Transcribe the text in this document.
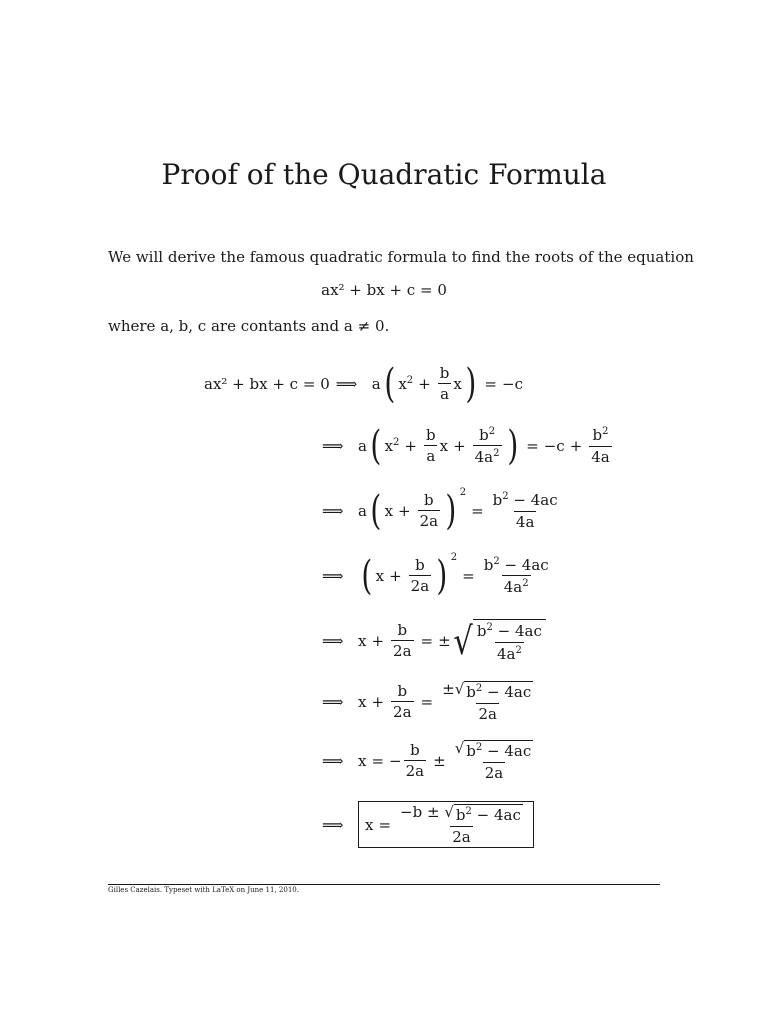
Proof of the Quadratic Formula
We will derive the famous quadratic formula to find the roots of the equation
ax² + bx + c = 0
where a, b, c are contants and a ≠ 0.
ax² + bx + c = 0 ⟹ a ( $x^2 + \frac{b}{a}$ x ) = −c
⟹ a ( $x^2 + \frac{b}{a}$ $x + \frac{b^2}{4a^2}$ ) = $-c + \frac{b^2}{4a}$
⟹ a ( $x + \frac{b}{2a}$ ) 2
= $\frac{b^2 - 4ac}{4a}$
⟹ ( $x + \frac{b}{2a}$ ) 2
= $\frac{b^2 - 4ac}{4a^2}$
⟹ $x + \frac{b}{2a}$ = ± √ $\frac{b^2 - 4ac}{4a^2}$
⟹ $x + \frac{b}{2a} = \frac{\pm√ b^2 - 4ac}{2a}$
⟹ x = − $\frac{b}{2a} \pm \frac{√ b^2 - 4ac}{2a}$
⟹	$x = \frac{-b \pm √ b^2 - 4ac}{2a}$
Gilles Cazelais. Typeset with LaTeX on June 11, 2010.
